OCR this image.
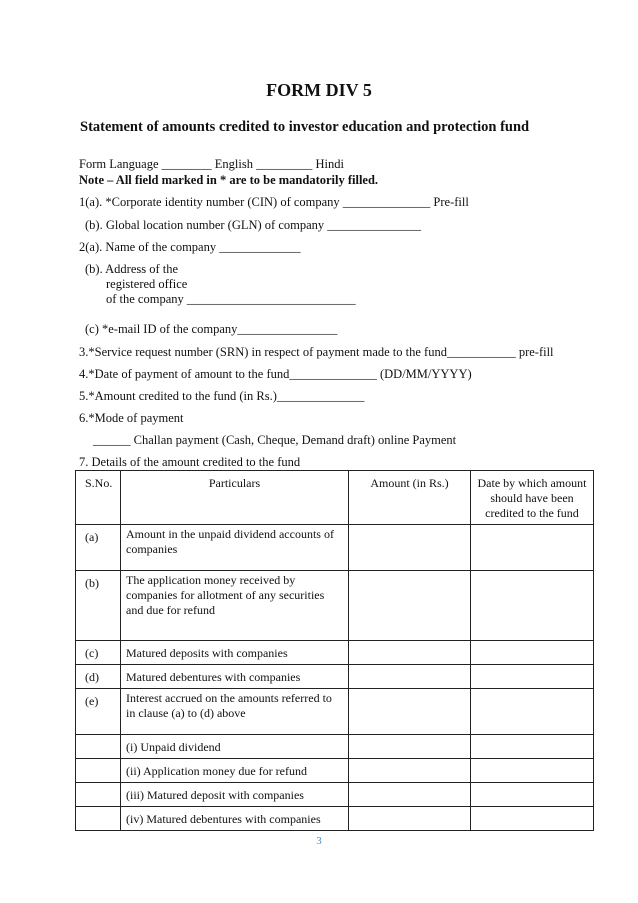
FORM DIV 5
Statement of amounts credited to investor education and protection fund
Form Language ________ English _________ Hindi
Note – All field marked in * are to be mandatorily filled.
1(a). *Corporate identity number (CIN) of company ______________ Pre-fill
(b). Global location number (GLN) of company _______________
2(a). Name of the company _____________
(b). Address of the
registered office
of the company ___________________________
(c) *e-mail ID of the company________________
3.*Service request number (SRN) in respect of payment made to the fund___________ pre-fill
4.*Date of payment of amount to the fund______________ (DD/MM/YYYY)
5.*Amount credited to the fund (in Rs.)______________
6.*Mode of payment
______ Challan payment (Cash, Cheque, Demand draft) online Payment
7. Details of the amount credited to the fund
S.No.	Particulars	Amount (in Rs.)	Date by which amount should have been credited to the fund
(a)	Amount in the unpaid dividend accounts of companies		
(b)	The application money received by companies for allotment of any securities and due for refund		
(c)	Matured deposits with companies		
(d)	Matured debentures with companies		
(e)	Interest accrued on the amounts referred to in clause (a) to (d) above		
	(i) Unpaid dividend		
	(ii) Application money due for refund		
	(iii) Matured deposit with companies		
	(iv) Matured debentures with companies		
3
